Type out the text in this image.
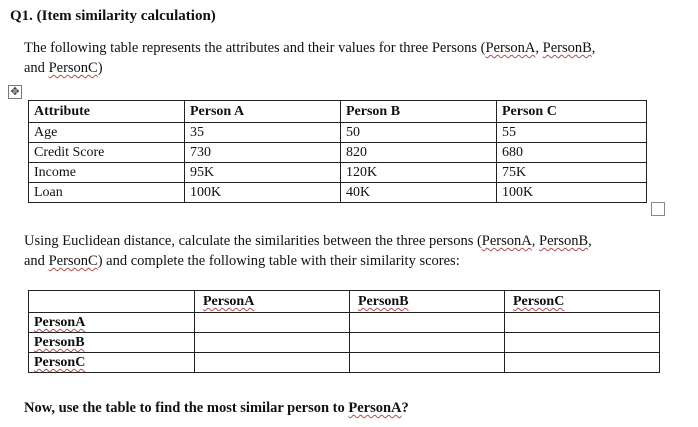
Q1. (Item similarity calculation)
The following table represents the attributes and their values for three Persons (PersonA, PersonB,
and PersonC)
✥
Attribute	Person A	Person B	Person C
Age	35	50	55
Credit Score	730	820	680
Income	95K	120K	75K
Loan	100K	40K	100K
Using Euclidean distance, calculate the similarities between the three persons (PersonA, PersonB,
and PersonC) and complete the following table with their similarity scores:
	PersonA	PersonB	PersonC
PersonA			
PersonB			
PersonC			
Now, use the table to find the most similar person to PersonA?
